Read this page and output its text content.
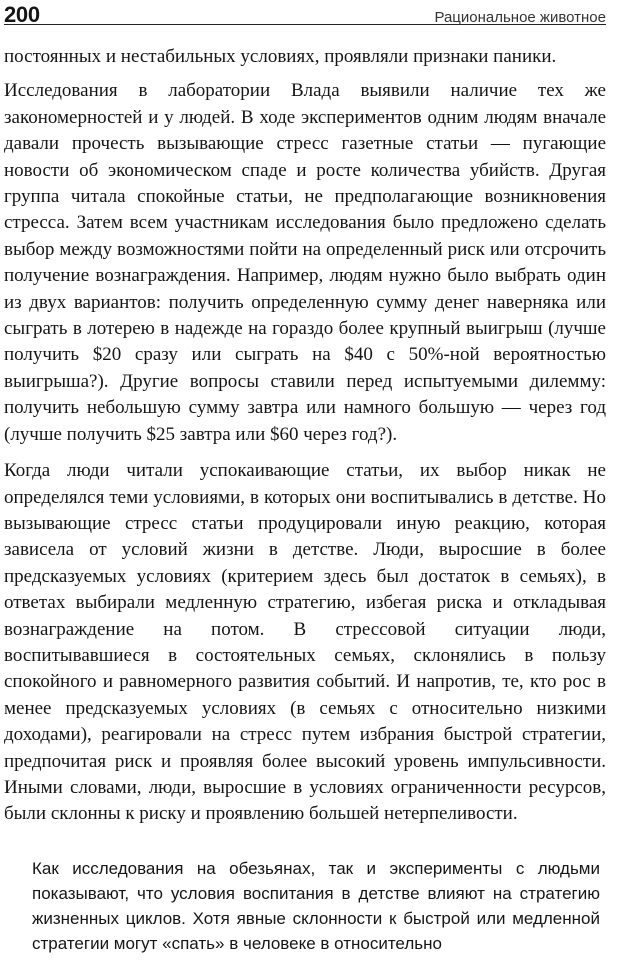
200	Рациональное животное

постоянных и нестабильных условиях, проявляли признаки паники.

Исследования в лаборатории Влада выявили наличие тех же закономерностей и у людей. В ходе экспериментов одним людям вначале давали прочесть вызывающие стресс газетные статьи — пугающие новости об экономическом спаде и росте количества убийств. Другая группа читала спокойные статьи, не предполагающие возникновения стресса. Затем всем участникам исследования было предложено сделать выбор между возможностями пойти на определенный риск или отсрочить получение вознаграждения. Например, людям нужно было выбрать один из двух вариантов: получить определенную сумму денег наверняка или сыграть в лотерею в надежде на гораздо более крупный выигрыш (лучше получить $20 сразу или сыграть на $40 с 50%-ной вероятностью выигрыша?). Другие вопросы ставили перед испытуемыми дилемму: получить небольшую сумму завтра или намного большую — через год (лучше получить $25 завтра или $60 через год?).

Когда люди читали успокаивающие статьи, их выбор никак не определялся теми условиями, в которых они воспитывались в детстве. Но вызывающие стресс статьи продуцировали иную реакцию, которая зависела от условий жизни в детстве. Люди, выросшие в более предсказуемых условиях (критерием здесь был достаток в семьях), в ответах выбирали медленную стратегию, избегая риска и откладывая вознаграждение на потом. В стрессовой ситуации люди, воспитывавшиеся в состоятельных семьях, склонялись в пользу спокойного и равномерного развития событий. И напротив, те, кто рос в менее предсказуемых условиях (в семьях с относительно низкими доходами), реагировали на стресс путем избрания быстрой стратегии, предпочитая риск и проявляя более высокий уровень импульсивности. Иными словами, люди, выросшие в условиях ограниченности ресурсов, были склонны к риску и проявлению большей нетерпеливости.

Как исследования на обезьянах, так и эксперименты с людьми показывают, что условия воспитания в детстве влияют на стратегию жизненных циклов. Хотя явные склонности к быстрой или медленной стратегии могут «спать» в человеке в относительно
